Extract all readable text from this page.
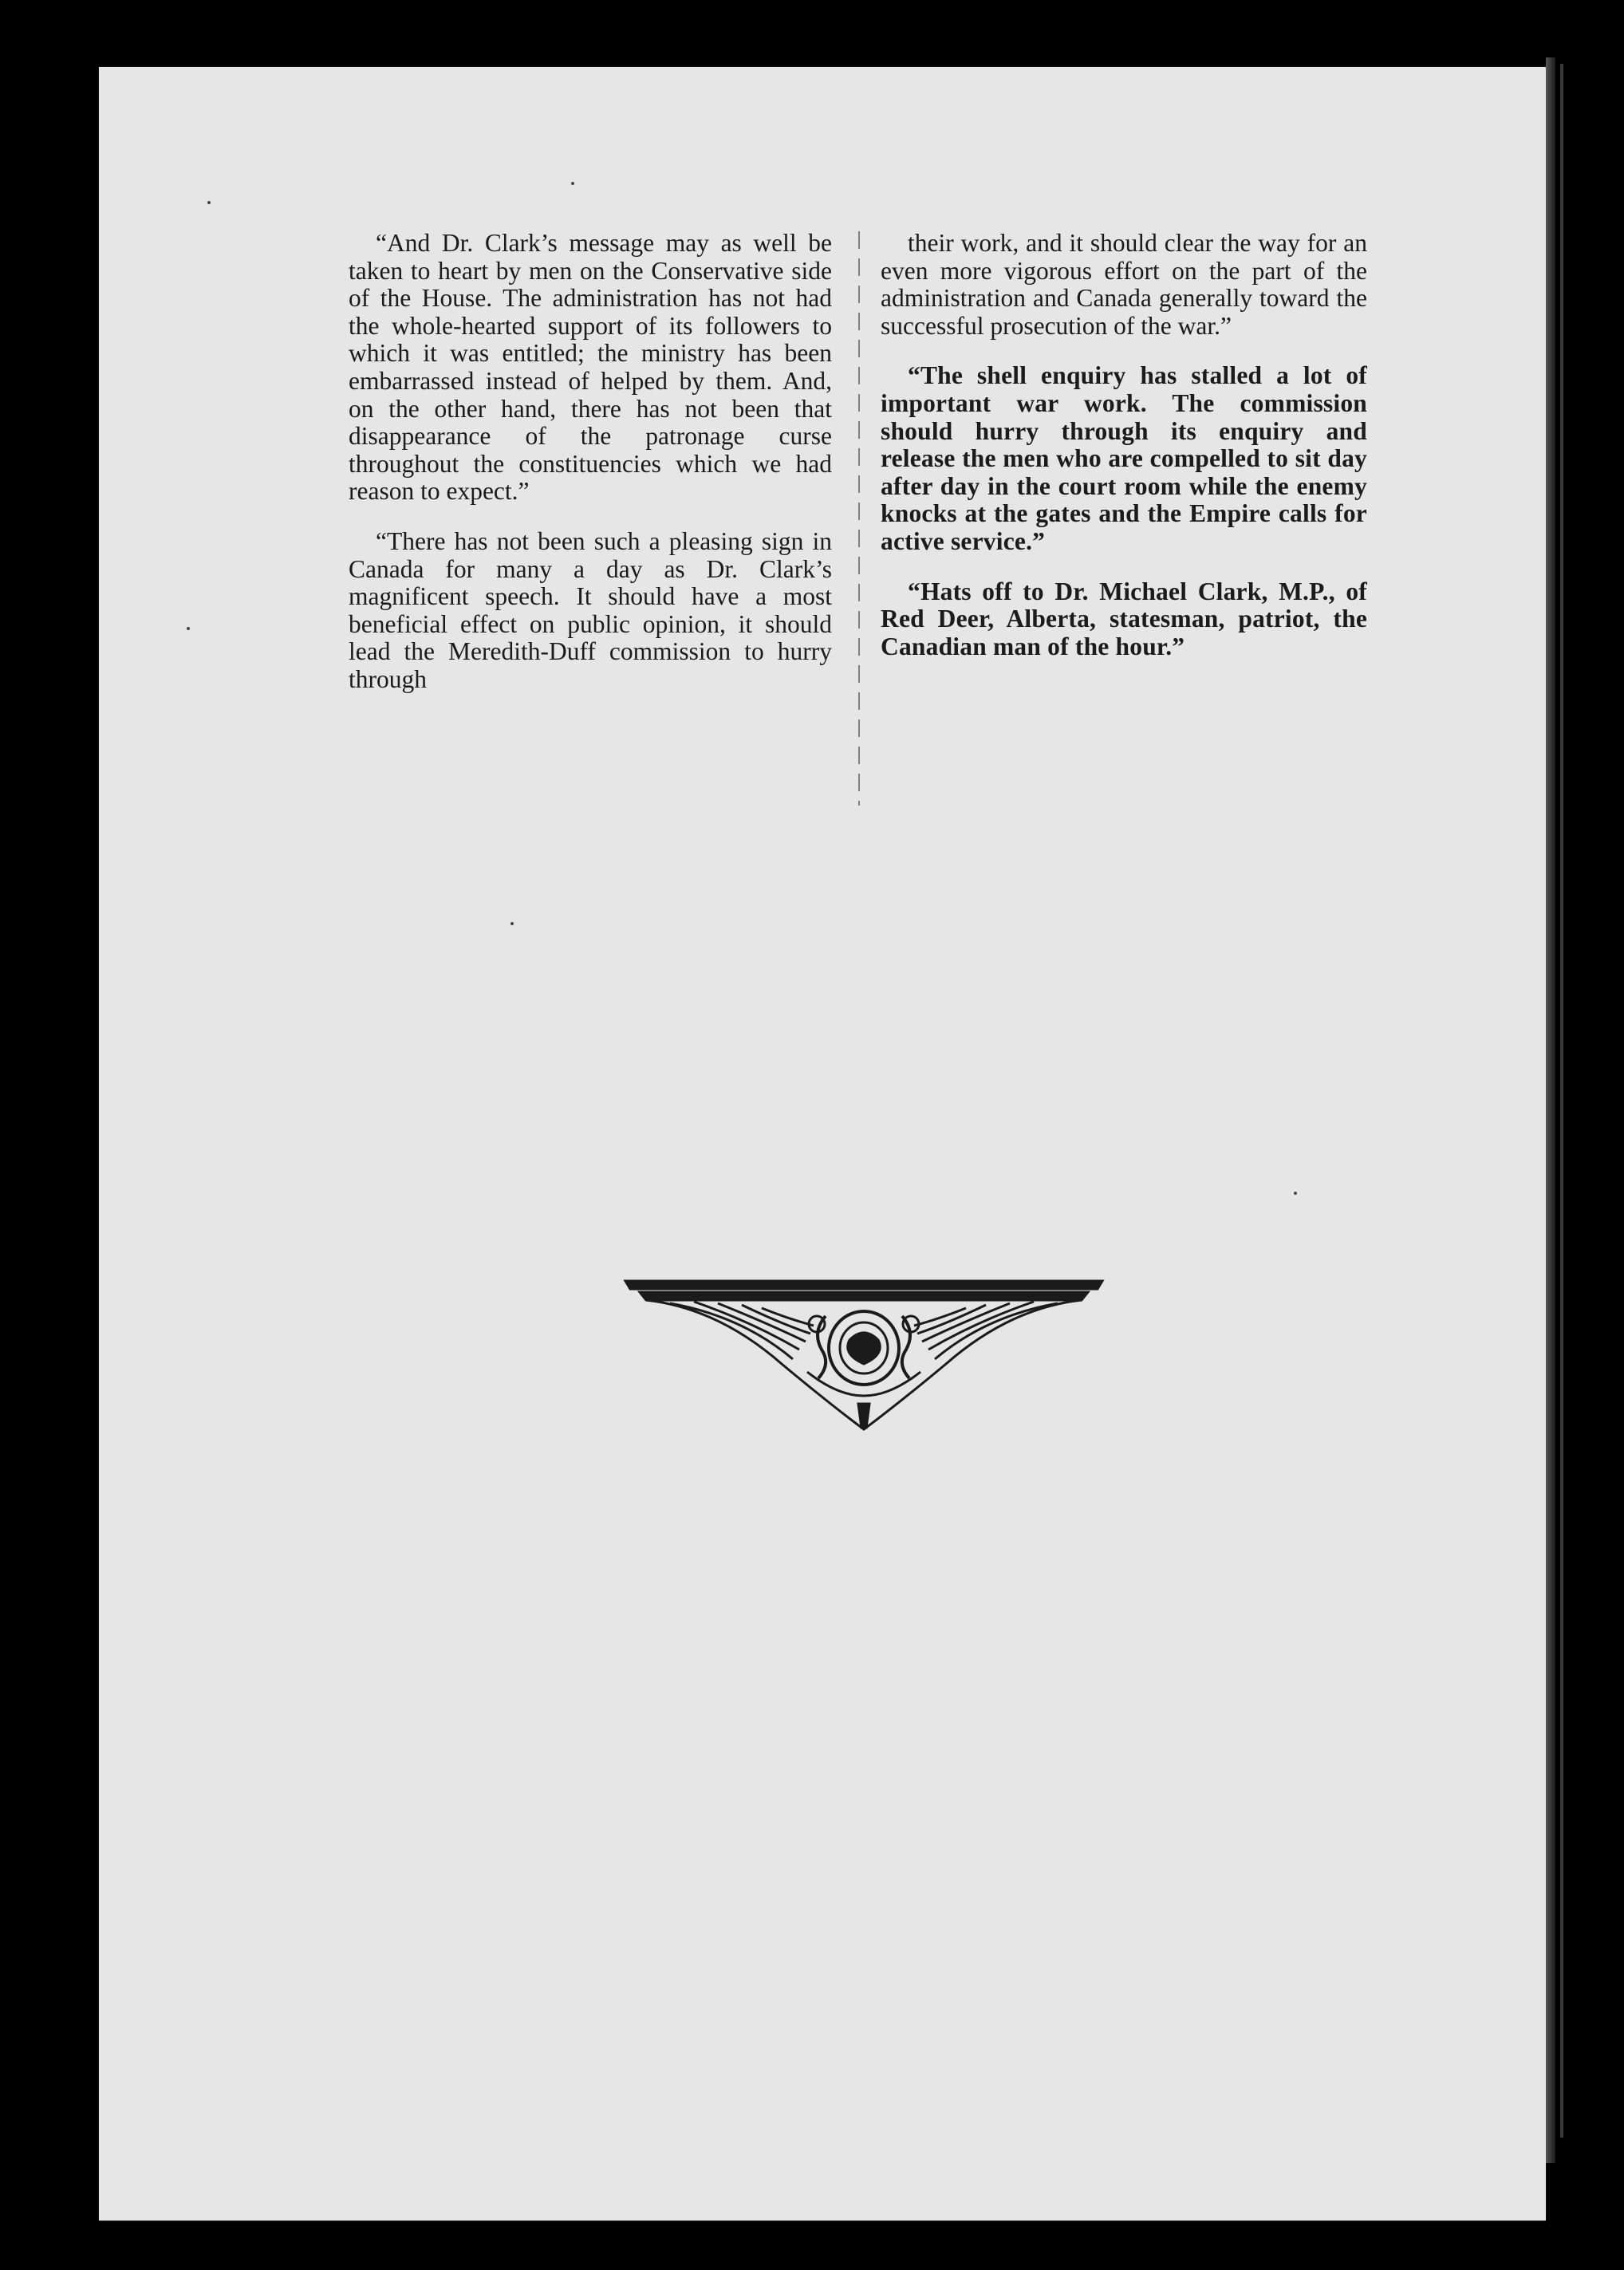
“And Dr. Clark’s message may as well be taken to heart by men on the Conservative side of the House. The administration has not had the whole-hearted support of its followers to which it was entitled; the ministry has been embarrassed instead of helped by them. And, on the other hand, there has not been that disappearance of the patronage curse throughout the constituencies which we had reason to expect.”

“There has not been such a pleasing sign in Canada for many a day as Dr. Clark’s magnificent speech. It should have a most beneficial effect on public opinion, it should lead the Meredith-Duff commission to hurry through

their work, and it should clear the way for an even more vigorous effort on the part of the administration and Canada generally toward the successful prosecution of the war.”

“The shell enquiry has stalled a lot of important war work. The commission should hurry through its enquiry and release the men who are compelled to sit day after day in the court room while the enemy knocks at the gates and the Empire calls for active service.”

“Hats off to Dr. Michael Clark, M.P., of Red Deer, Alberta, statesman, patriot, the Canadian man of the hour.”
